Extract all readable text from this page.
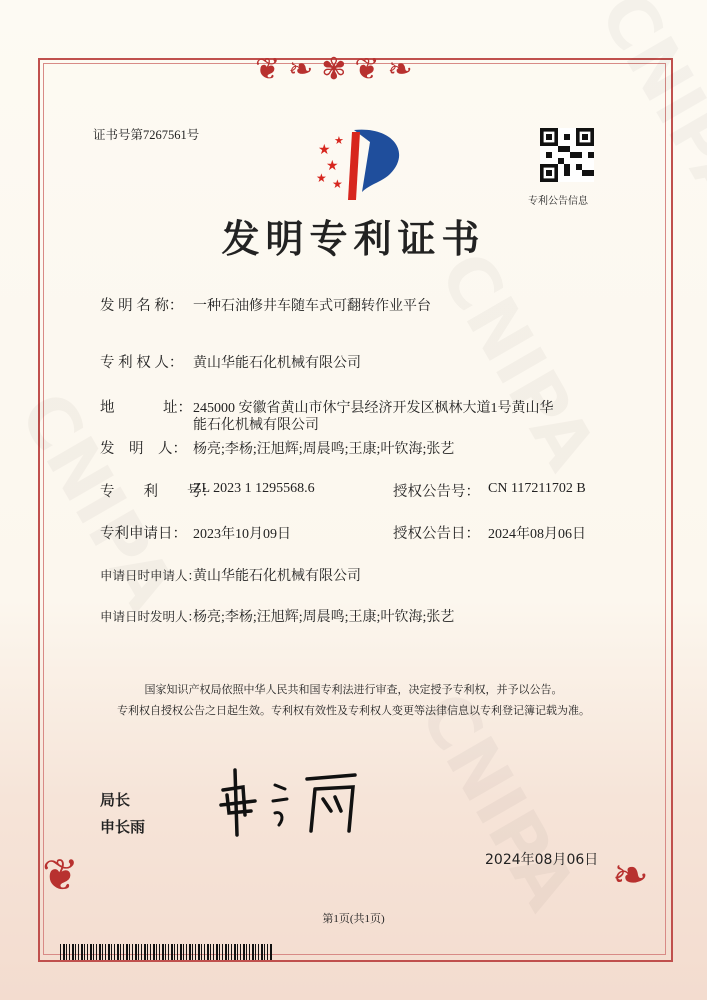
❦❧✾❦❧
❦	❧
证书号第7267561号
★
★
★ ★
★
专利公告信息
发明专利证书
发 明 名 称： 一种石油修井车随车式可翻转作业平台
专 利 权 人： 黄山华能石化机械有限公司
地	址： 245000 安徽省黄山市休宁县经济开发区枫林大道1号黄山华
能石化机械有限公司
发　明　人： 杨亮;李杨;汪旭辉;周晨鸣;王康;叶钦海;张艺
专　　利　　号：
ZL 2023 1 1295568.6	授权公告号： CN 117211702 B
专利申请日： 2023年10月09日	授权公告日： 2024年08月06日
申请日时申请人：
黄山华能石化机械有限公司
申请日时发明人：
杨亮;李杨;汪旭辉;周晨鸣;王康;叶钦海;张艺
国家知识产权局依照中华人民共和国专利法进行审查，决定授予专利权，并予以公告。
专利权自授权公告之日起生效。专利权有效性及专利权人变更等法律信息以专利登记簿记载为准。
局长
申长雨
2024年08月06日
第1页(共1页)
